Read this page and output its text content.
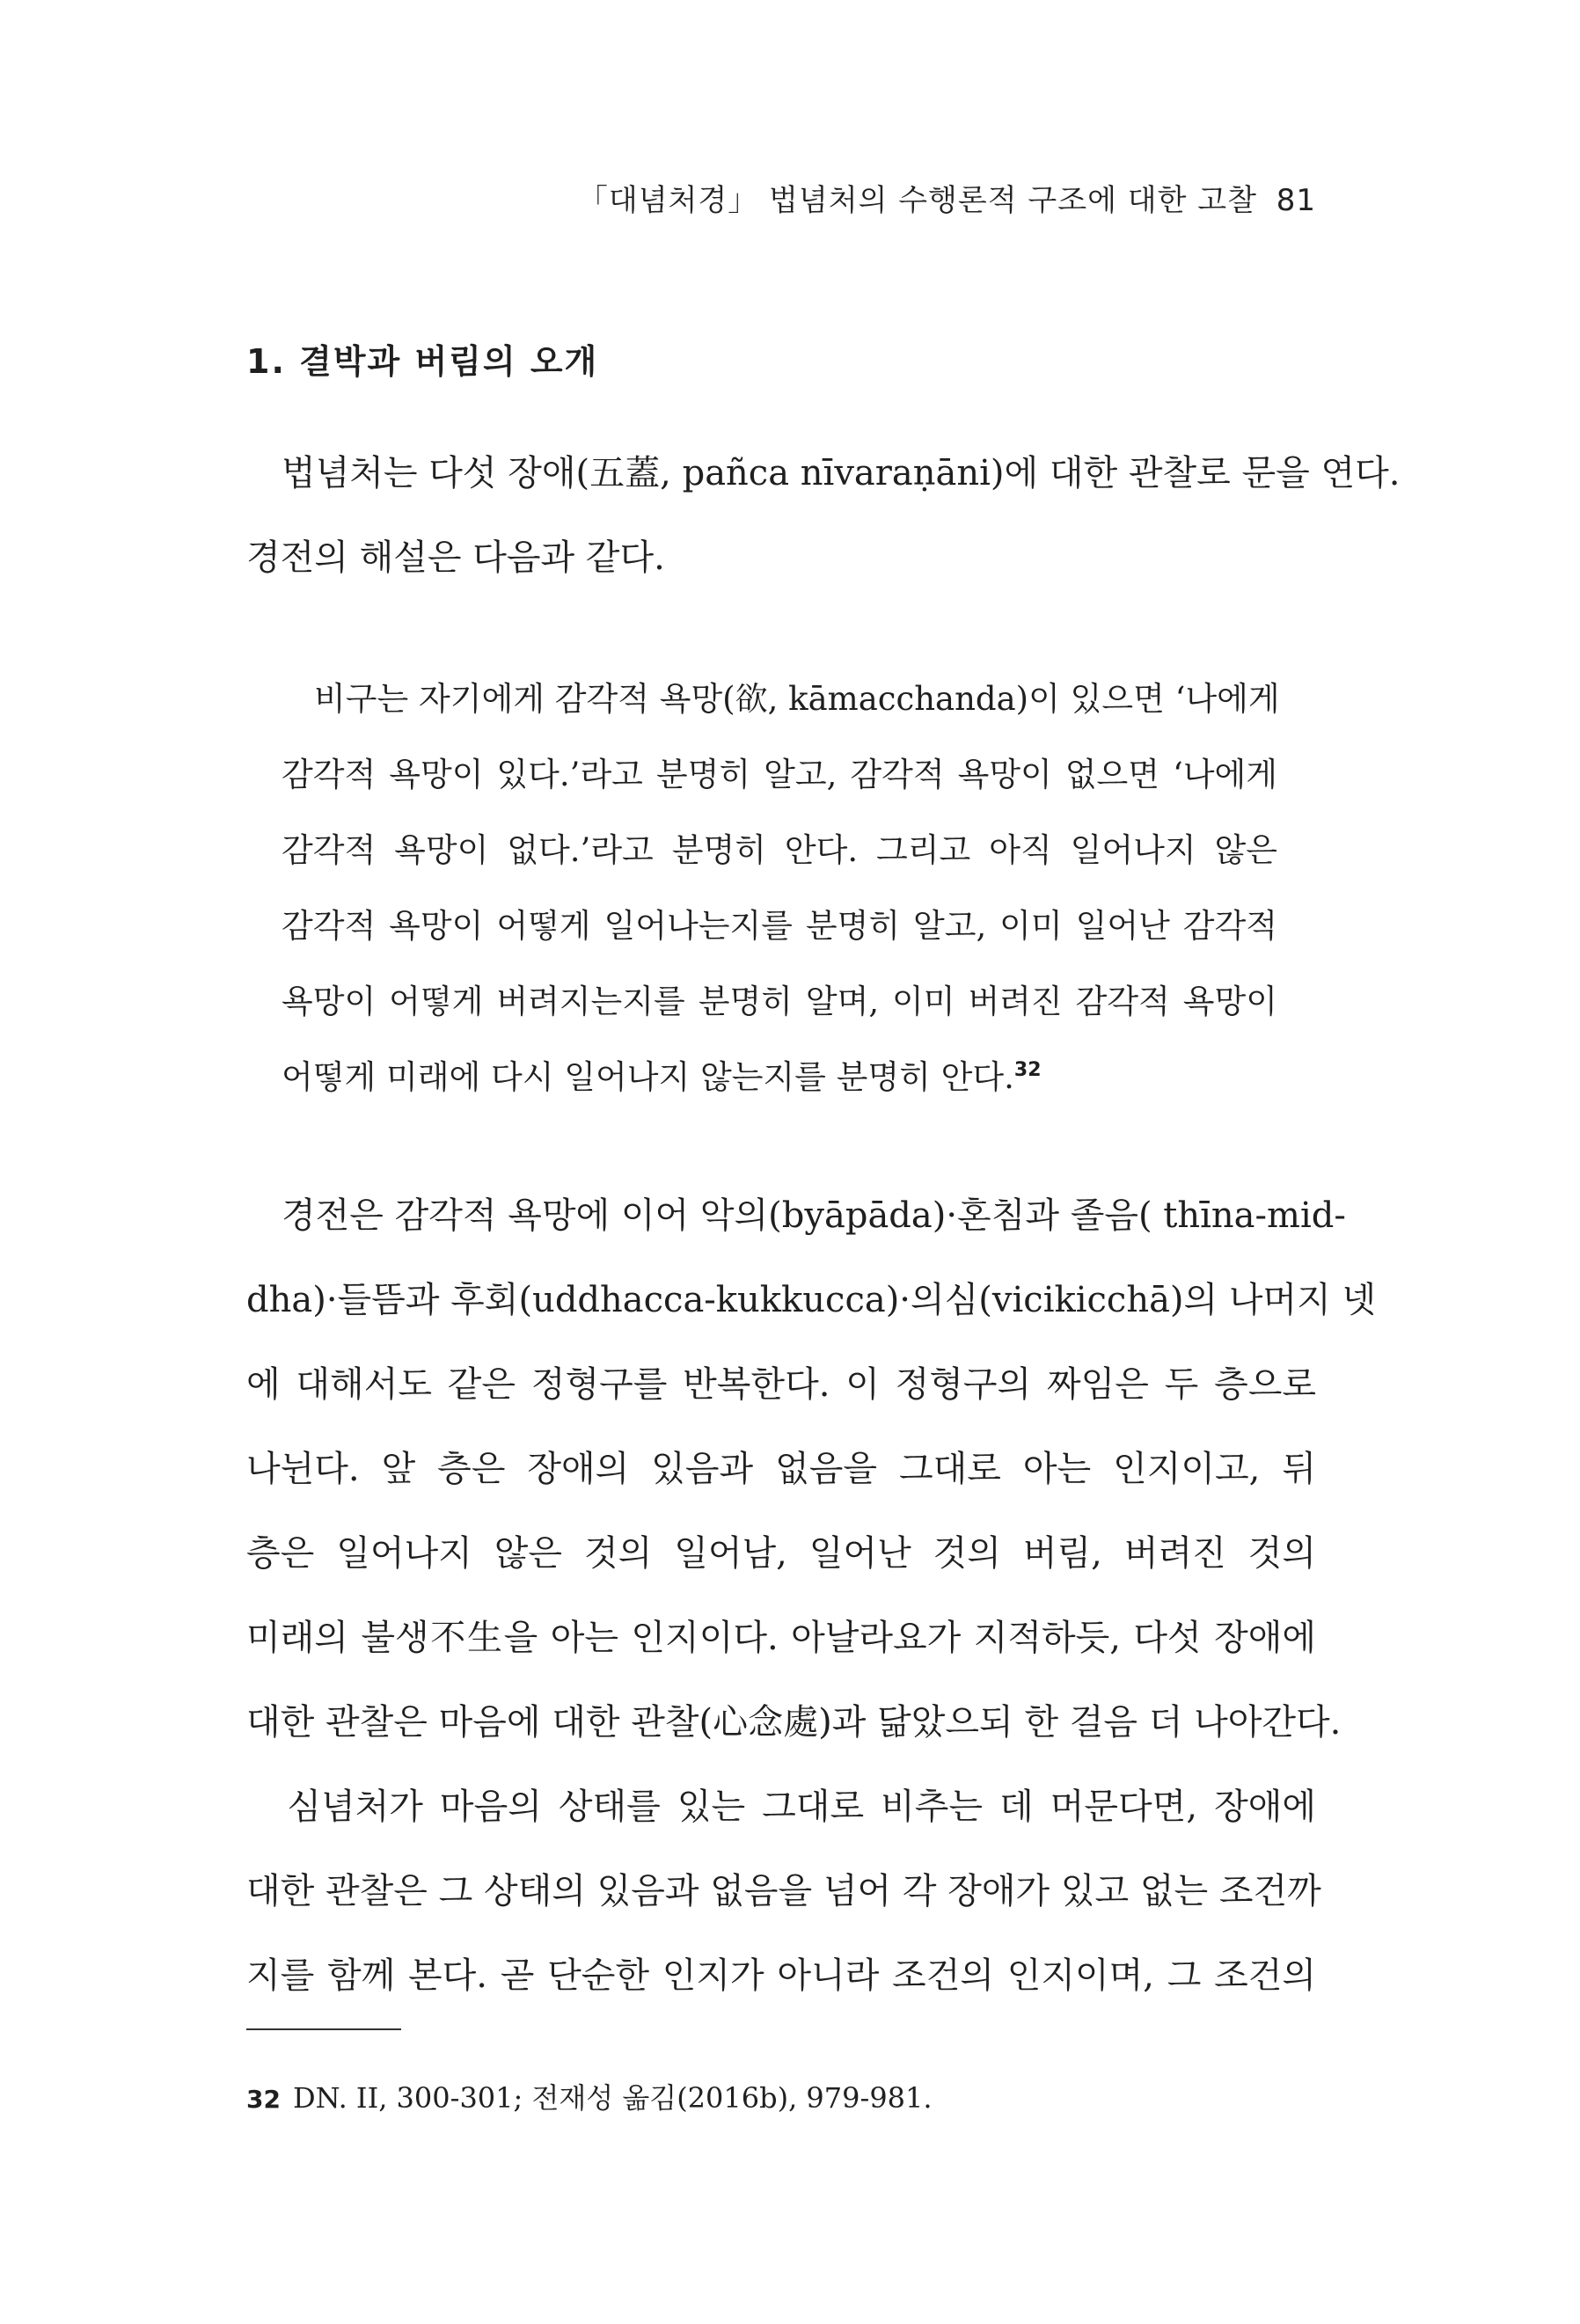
「대념처경」 법념처의 수행론적 구조에 대한 고찰 81
1. 결박과 버림의 오개
　법념처는 다섯 장애(五蓋, pañca nīvaraṇāni)에 대한 관찰로 문을 연다.
경전의 해설은 다음과 같다.
　비구는 자기에게 감각적 욕망(欲, kāmacchanda)이 있으면 ‘나에게
감각적 욕망이 있다.’라고 분명히 알고, 감각적 욕망이 없으면 ‘나에게
감각적 욕망이 없다.’라고 분명히 안다. 그리고 아직 일어나지 않은
감각적 욕망이 어떻게 일어나는지를 분명히 알고, 이미 일어난 감각적
욕망이 어떻게 버려지는지를 분명히 알며, 이미 버려진 감각적 욕망이
어떻게 미래에 다시 일어나지 않는지를 분명히 안다.$^{32}$
　경전은 감각적 욕망에 이어 악의(byāpāda)·혼침과 졸음( thīna-mid-
dha)·들뜸과 후회(uddhacca-kukkucca)·의심(vicikicchā)의 나머지 넷
에 대해서도 같은 정형구를 반복한다. 이 정형구의 짜임은 두 층으로
나뉜다. 앞 층은 장애의 있음과 없음을 그대로 아는 인지이고, 뒤
층은 일어나지 않은 것의 일어남, 일어난 것의 버림, 버려진 것의
미래의 불생不生을 아는 인지이다. 아날라요가 지적하듯, 다섯 장애에
대한 관찰은 마음에 대한 관찰(心念處)과 닮았으되 한 걸음 더 나아간다.
　심념처가 마음의 상태를 있는 그대로 비추는 데 머문다면, 장애에
대한 관찰은 그 상태의 있음과 없음을 넘어 각 장애가 있고 없는 조건까
지를 함께 본다. 곧 단순한 인지가 아니라 조건의 인지이며, 그 조건의
32 DN. II, 300-301; 전재성 옮김(2016b), 979-981.
